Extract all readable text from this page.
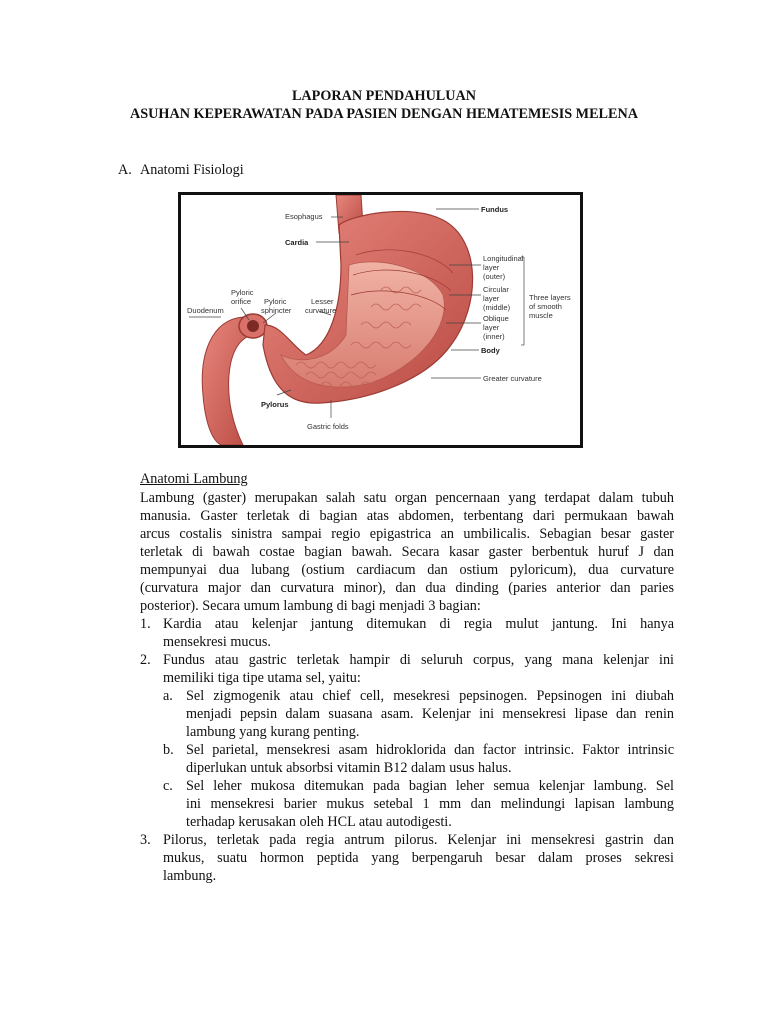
LAPORAN PENDAHULUAN
ASUHAN KEPERAWATAN PADA PASIEN DENGAN HEMATEMESIS MELENA
A. Anatomi Fisiologi
Esophagus
Fundus
Cardia
Longitudinal
layer
(outer)
Circular
layer
(middle)
Oblique
layer
(inner)
Three layers
of smooth
muscle
Body
Greater curvature
Pyloric
orifice Pyloric
sphincter
Lesser
curvature
Duodenum
Pylorus
Gastric folds
Anatomi Lambung
Lambung (gaster) merupakan salah satu organ pencernaan yang terdapat dalam tubuh
manusia. Gaster terletak di bagian atas abdomen, terbentang dari permukaan bawah
arcus costalis sinistra sampai regio epigastrica an umbilicalis. Sebagian besar gaster
terletak di bawah costae bagian bawah. Secara kasar gaster berbentuk huruf J dan
mempunyai dua lubang (ostium cardiacum dan ostium pyloricum), dua curvature
(curvatura major dan curvatura minor), dan dua dinding (paries anterior dan paries
posterior). Secara umum lambung di bagi menjadi 3 bagian:
1. Kardia atau kelenjar jantung ditemukan di regia mulut jantung. Ini hanya
mensekresi mucus.
2. Fundus atau gastric terletak hampir di seluruh corpus, yang mana kelenjar ini
memiliki tiga tipe utama sel, yaitu:
a. Sel zigmogenik atau chief cell, mesekresi pepsinogen. Pepsinogen ini diubah
menjadi pepsin dalam suasana asam. Kelenjar ini mensekresi lipase dan renin
lambung yang kurang penting.
b. Sel parietal, mensekresi asam hidroklorida dan factor intrinsic. Faktor intrinsic
diperlukan untuk absorbsi vitamin B12 dalam usus halus.
c. Sel leher mukosa ditemukan pada bagian leher semua kelenjar lambung. Sel
ini mensekresi barier mukus setebal 1 mm dan melindungi lapisan lambung
terhadap kerusakan oleh HCL atau autodigesti.
3. Pilorus, terletak pada regia antrum pilorus. Kelenjar ini mensekresi gastrin dan
mukus, suatu hormon peptida yang berpengaruh besar dalam proses sekresi
lambung.
